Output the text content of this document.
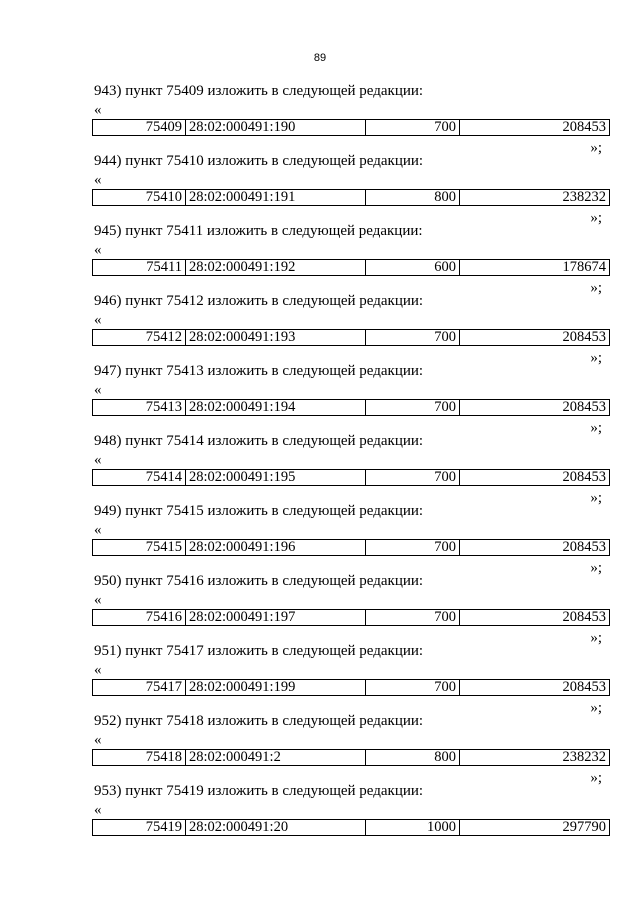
89
943) пункт 75409 изложить в следующей редакции:
«
75409	28:02:000491:190	700	208453
»;
944) пункт 75410 изложить в следующей редакции:
«
75410	28:02:000491:191	800	238232
»;
945) пункт 75411 изложить в следующей редакции:
«
75411	28:02:000491:192	600	178674
»;
946) пункт 75412 изложить в следующей редакции:
«
75412	28:02:000491:193	700	208453
»;
947) пункт 75413 изложить в следующей редакции:
«
75413	28:02:000491:194	700	208453
»;
948) пункт 75414 изложить в следующей редакции:
«
75414	28:02:000491:195	700	208453
»;
949) пункт 75415 изложить в следующей редакции:
«
75415	28:02:000491:196	700	208453
»;
950) пункт 75416 изложить в следующей редакции:
«
75416	28:02:000491:197	700	208453
»;
951) пункт 75417 изложить в следующей редакции:
«
75417	28:02:000491:199	700	208453
»;
952) пункт 75418 изложить в следующей редакции:
«
75418	28:02:000491:2	800	238232
»;
953) пункт 75419 изложить в следующей редакции:
«
75419	28:02:000491:20	1000	297790
